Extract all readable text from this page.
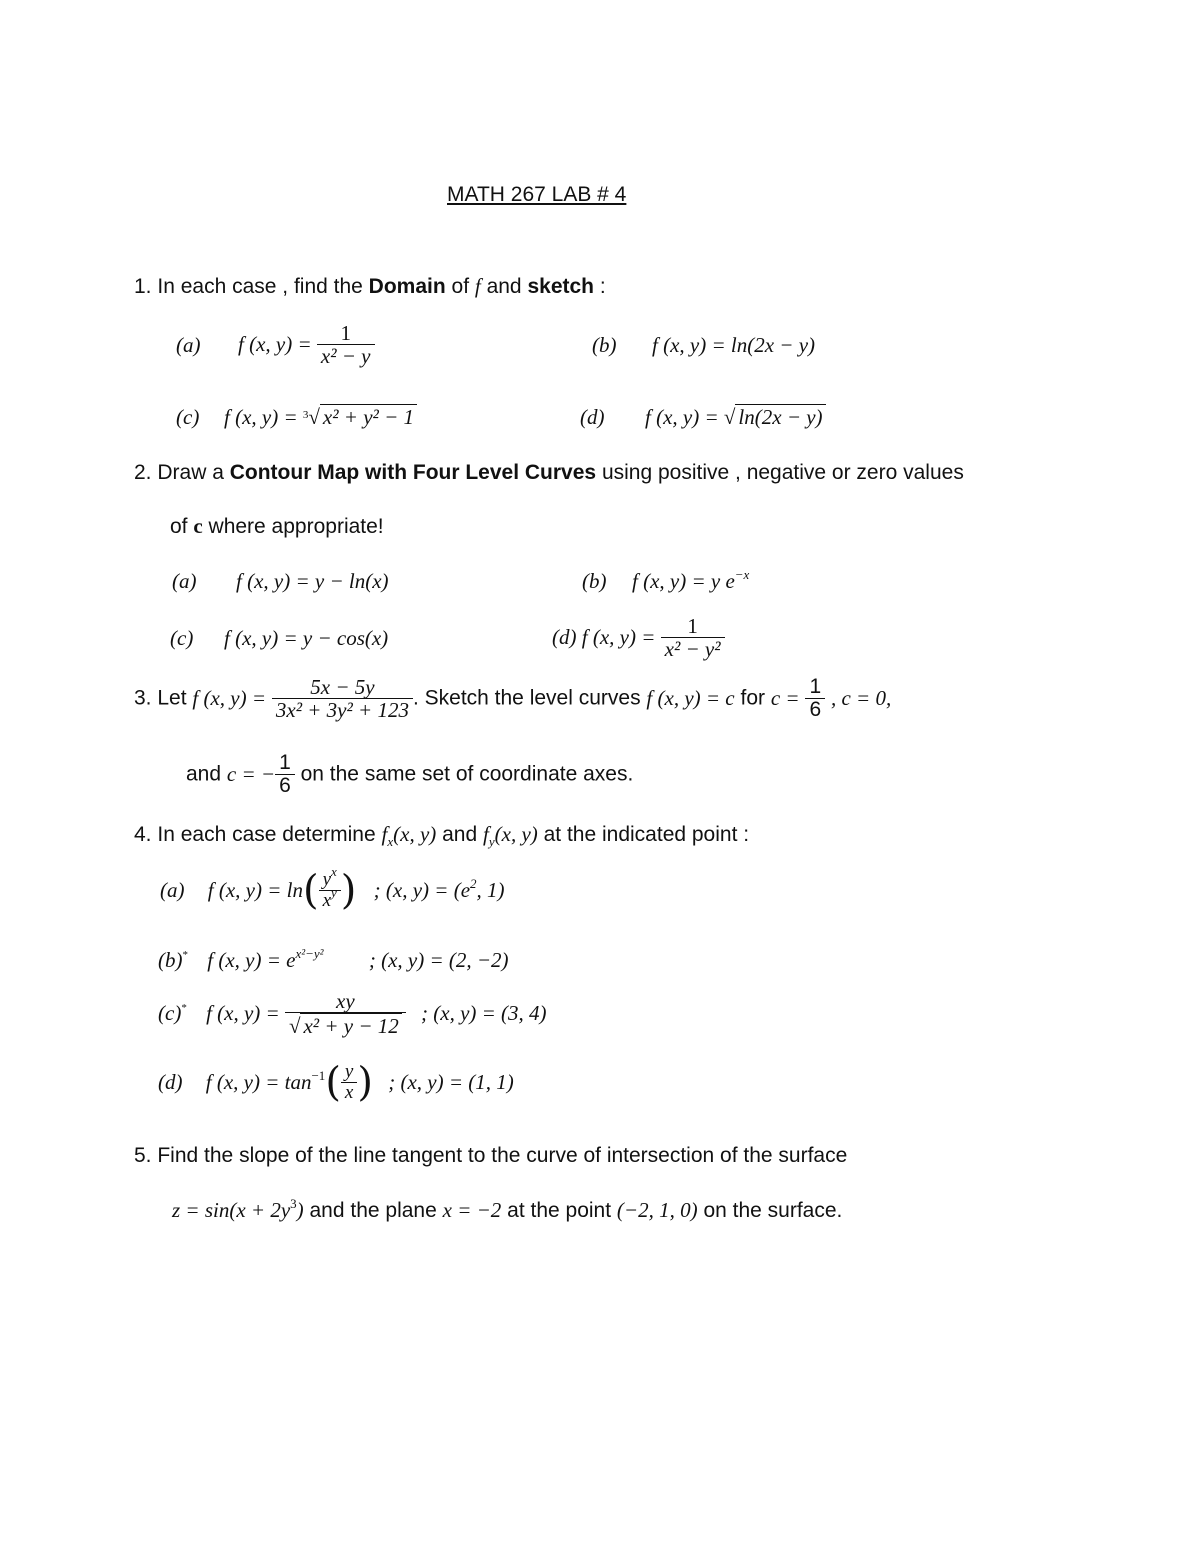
MATH 267 LAB # 4
1. In each case , find the Domain of f and sketch :
(a) f (x, $y) = \frac{1}{\text{x² − y}}$	(b) f (x, y) = ln(2x − y)
(c) f (x, y) = $^3$√ x² + y² − 1	(d) f (x, y) = √ ln(2x − y)
2. Draw a Contour Map with Four Level Curves using positive , negative or zero values
of c where appropriate!
(a) f (x, y) = y − ln(x)	(b) f (x, y) = y $e^{-x}$
(c) f (x, y) = y − cos(x)	(d) f (x, $y) = \frac{1}{\text{x² − y²}}$
3. Let f (x, $y) = \frac{5x - 5y}{\text{3x² + 3y² + 123}}$ . Sketch the level curves f (x, y) = c for $c = \frac{1}{6}$ , c = 0,
and c = − $\frac{1}{6}$ on the same set of coordinate axes.
4. In each case determine $f_x(x$, y) and $f_y(x$, y) at the indicated point :
(a) f (x, $y) = \ln( \frac{y^x}{x^y}$ ) ; (x, $y) = (e^2$, 1)
(b)* f (x, $y) = e^{x^2-y^2}$ ; (x, y) = (2, −2)
(c)* f (x, $y) = \frac{xy}{\text{√ x² + y − 12}}$ ; (x, y) = (3, 4)
(d) f (x, $y) = \tan^{-1}( \frac{y}{x}$ ) ; (x, y) = (1, 1)
5. Find the slope of the line tangent to the curve of intersection of the surface
$z = \sin(x + 2y^3)$ and the plane x = −2 at the point (−2, 1, 0) on the surface.
